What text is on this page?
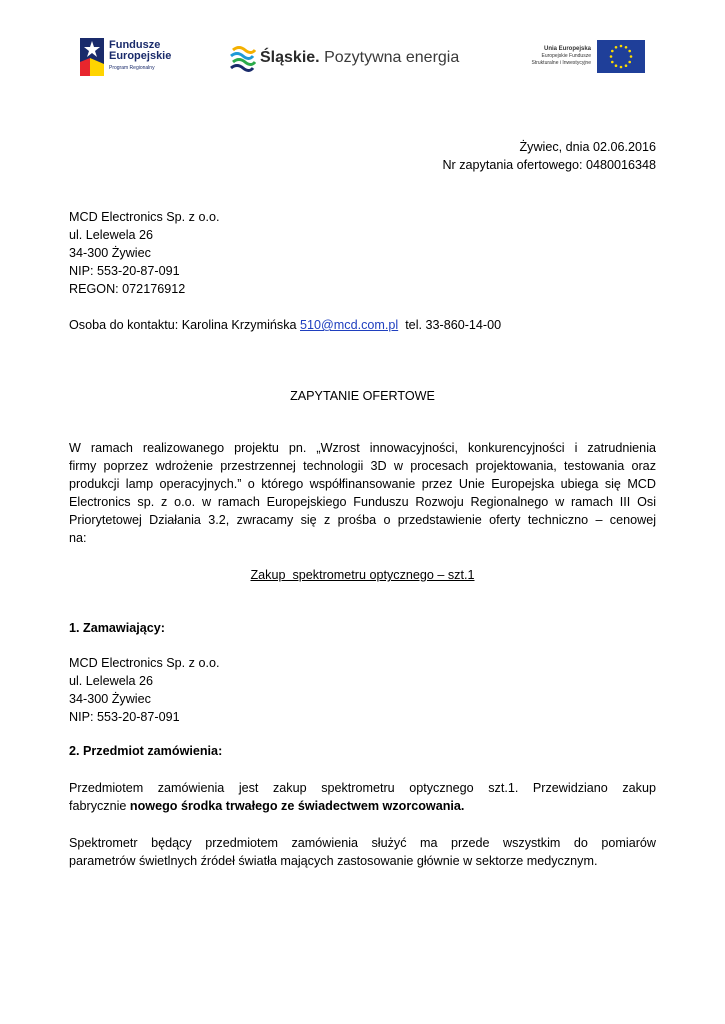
Fundusze
Europejskie
Program Regionalny
Śląskie. Pozytywna energia	Unia Europejska
Europejskie Fundusze
Strukturalne i Inwestycyjne
Żywiec, dnia 02.06.2016
Nr zapytania ofertowego: 0480016348
MCD Electronics Sp. z o.o.
ul. Lelewela 26
34-300 Żywiec
NIP: 553-20-87-091
REGON: 072176912
Osoba do kontaktu: Karolina Krzymińska 510@mcd.com.pl tel. 33-860-14-00
ZAPYTANIE OFERTOWE
W ramach realizowanego projektu pn. „Wzrost innowacyjności, konkurencyjności i zatrudnienia
firmy poprzez wdrożenie przestrzennej technologii 3D w procesach projektowania, testowania oraz
produkcji lamp operacyjnych.” o którego współfinansowanie przez Unie Europejska ubiega się MCD
Electronics sp. z o.o. w ramach Europejskiego Funduszu Rozwoju Regionalnego w ramach III Osi
Priorytetowej Działania 3.2, zwracamy się z prośba o przedstawienie oferty techniczno – cenowej
na:
Zakup  spektrometru optycznego – szt.1
1. Zamawiający:
MCD Electronics Sp. z o.o.
ul. Lelewela 26
34-300 Żywiec
NIP: 553-20-87-091
2. Przedmiot zamówienia:
Przedmiotem zamówienia jest zakup spektrometru optycznego szt.1. Przewidziano zakup
fabrycznie nowego środka trwałego ze świadectwem wzorcowania.
Spektrometr będący przedmiotem zamówienia służyć ma przede wszystkim do pomiarów
parametrów świetlnych źródeł światła mających zastosowanie głównie w sektorze medycznym.
